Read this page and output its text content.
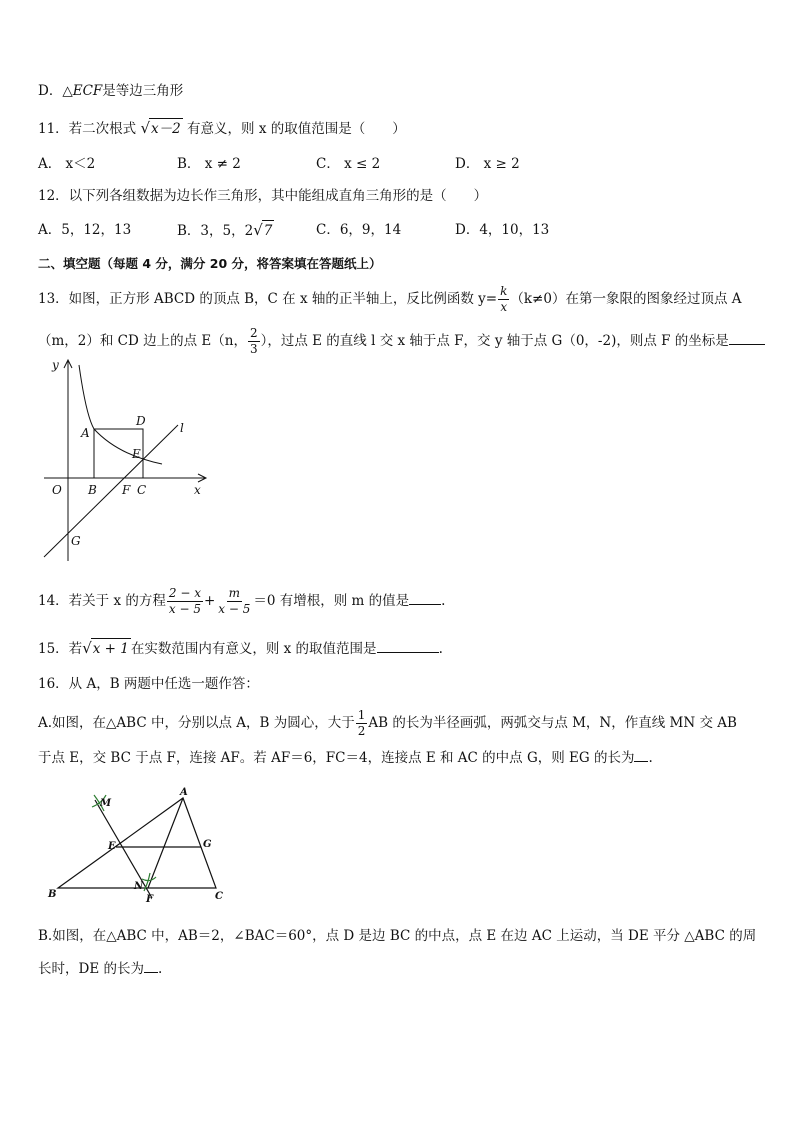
D．△ECF是等边三角形
11．若二次根式 √x－2 有意义，则 x 的取值范围是（　　）
A． x＜2	B． x ≠ 2	C． x ≤ 2	D． x ≥ 2
12．以下列各组数据为边长作三角形，其中能组成直角三角形的是（　　）
A．5，12，13	B．3，5，2√7	C．6，9，14	D．4，10，13
二、填空题（每题 4 分，满分 20 分，将答案填在答题纸上）
13．如图，正方形 ABCD 的顶点 B，C 在 x 轴的正半轴上，反比例函数 $y= \frac{k}{x} (k\ne 0)$在第一象限的图象经过顶点 A
（m，2）和 CD 边上的点 E（n， $\frac{2}{3}$ ），过点 E 的直线 l 交 x 轴于点 F，交 y 轴于点 G（0，-2)，则点 F 的坐标是
y
x
O
A
B	C
D
E
F
G
l
14．若关于 x 的方程 $\frac{2 - x}{x - 5} + \frac{m}{x - 5} =0$ 有增根，则 m 的值是 .
15．若√x + 1 在实数范围内有意义，则 x 的取值范围是	.
16．从 A，B 两题中任选一题作答：
A.如图，在△ABC 中，分别以点 A，B 为圆心，大于 $\frac{1}{2}$ AB 的长为半径画弧，两弧交与点 M，N，作直线 MN 交 AB
于点 E，交 BC 于点 F，连接 AF。若 AF＝6，FC＝4，连接点 E 和 AC 的中点 G，则 EG 的长为 .
A
B	C
E
F
G
M
N
B.如图，在△ABC 中，AB＝2，∠BAC＝60°，点 D 是边 BC 的中点，点 E 在边 AC 上运动，当 DE 平分 △ABC 的周
长时，DE 的长为 .
